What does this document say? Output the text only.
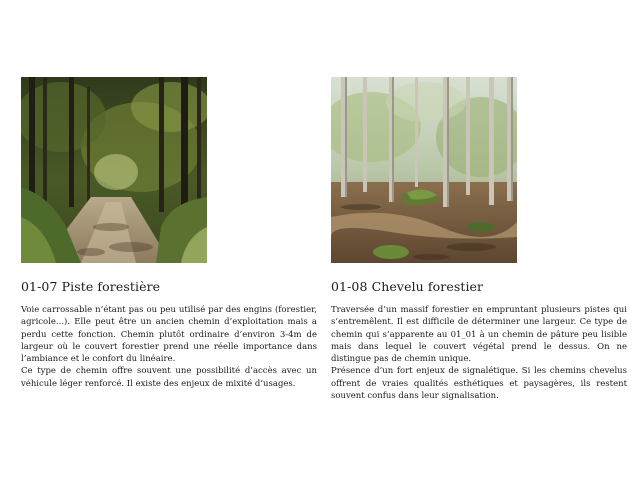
01-07 Piste forestière

Voie carrossable n’étant pas ou peu utilisé par des engins (forestier, agricole...). Elle peut être un ancien chemin d’exploitation mais a perdu cette fonction. Chemin plutôt ordinaire d’environ 3-4m de largeur où le couvert forestier prend une réelle importance dans l’ambiance et le confort du linéaire.

Ce type de chemin offre souvent une possibilité d’accès avec un véhicule léger renforcé. Il existe des enjeux de mixité d’usages.

01-08 Chevelu forestier

Traversée d’un massif forestier en empruntant plusieurs pistes qui s’entremêlent. Il est difficile de déterminer une largeur. Ce type de chemin qui s’apparente au 01_01 à un chemin de pâture peu lisible mais dans lequel le couvert végétal prend le dessus. On ne distingue pas de chemin unique.

Présence d’un fort enjeux de signalétique. Si les chemins chevelus offrent de vraies qualités esthétiques et paysagères, ils restent souvent confus dans leur signalisation.
